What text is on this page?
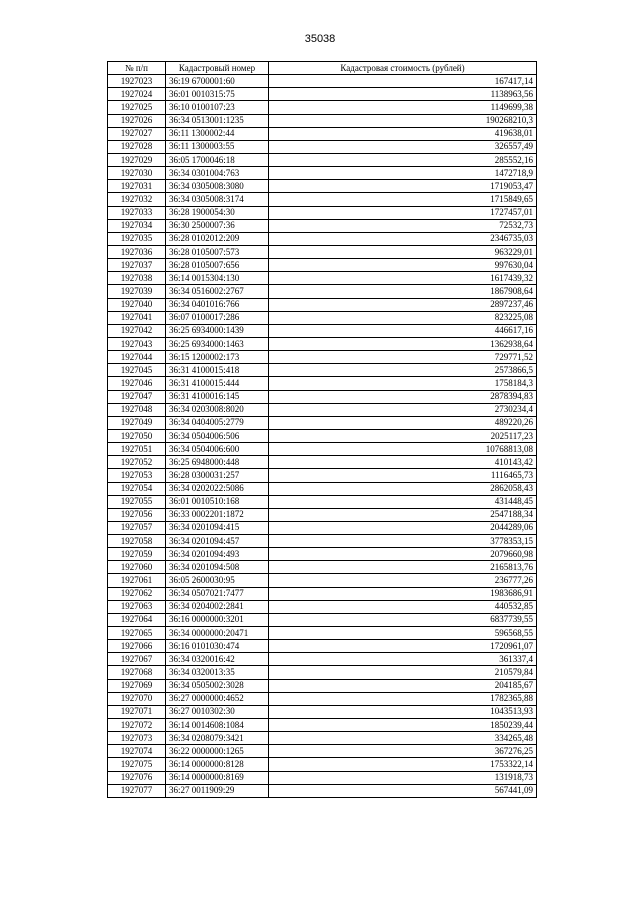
35038
№ п/п	Кадастровый номер	Кадастровая стоимость (рублей)
1927023	36:19 6700001:60	167417,14
1927024	36:01 0010315:75	1138963,56
1927025	36:10 0100107:23	1149699,38
1927026	36:34 0513001:1235	190268210,3
1927027	36:11 1300002:44	419638,01
1927028	36:11 1300003:55	326557,49
1927029	36:05 1700046:18	285552,16
1927030	36:34 0301004:763	1472718,9
1927031	36:34 0305008:3080	1719053,47
1927032	36:34 0305008:3174	1715849,65
1927033	36:28 1900054:30	1727457,01
1927034	36:30 2500007:36	72532,73
1927035	36:28 0102012:209	2346735,03
1927036	36:28 0105007:573	963229,01
1927037	36:28 0105007:656	997630,04
1927038	36:14 0015304:130	1617439,32
1927039	36:34 0516002:2767	1867908,64
1927040	36:34 0401016:766	2897237,46
1927041	36:07 0100017:286	823225,08
1927042	36:25 6934000:1439	446617,16
1927043	36:25 6934000:1463	1362938,64
1927044	36:15 1200002:173	729771,52
1927045	36:31 4100015:418	2573866,5
1927046	36:31 4100015:444	1758184,3
1927047	36:31 4100016:145	2878394,83
1927048	36:34 0203008:8020	2730234,4
1927049	36:34 0404005:2779	489220,26
1927050	36:34 0504006:506	2025117,23
1927051	36:34 0504006:600	10768813,08
1927052	36:25 6948000:448	410143,42
1927053	36:28 0300031:257	1116465,73
1927054	36:34 0202022:5086	2862058,43
1927055	36:01 0010510:168	431448,45
1927056	36:33 0002201:1872	2547188,34
1927057	36:34 0201094:415	2044289,06
1927058	36:34 0201094:457	3778353,15
1927059	36:34 0201094:493	2079660,98
1927060	36:34 0201094:508	2165813,76
1927061	36:05 2600030:95	236777,26
1927062	36:34 0507021:7477	1983686,91
1927063	36:34 0204002:2841	440532,85
1927064	36:16 0000000:3201	6837739,55
1927065	36:34 0000000:20471	596568,55
1927066	36:16 0101030:474	1720961,07
1927067	36:34 0320016:42	361337,4
1927068	36:34 0320013:35	210579,84
1927069	36:34 0505002:3028	204185,67
1927070	36:27 0000000:4652	1782365,88
1927071	36:27 0010302:30	1043513,93
1927072	36:14 0014608:1084	1850239,44
1927073	36:34 0208079:3421	334265,48
1927074	36:22 0000000:1265	367276,25
1927075	36:14 0000000:8128	1753322,14
1927076	36:14 0000000:8169	131918,73
1927077	36:27 0011909:29	567441,09
